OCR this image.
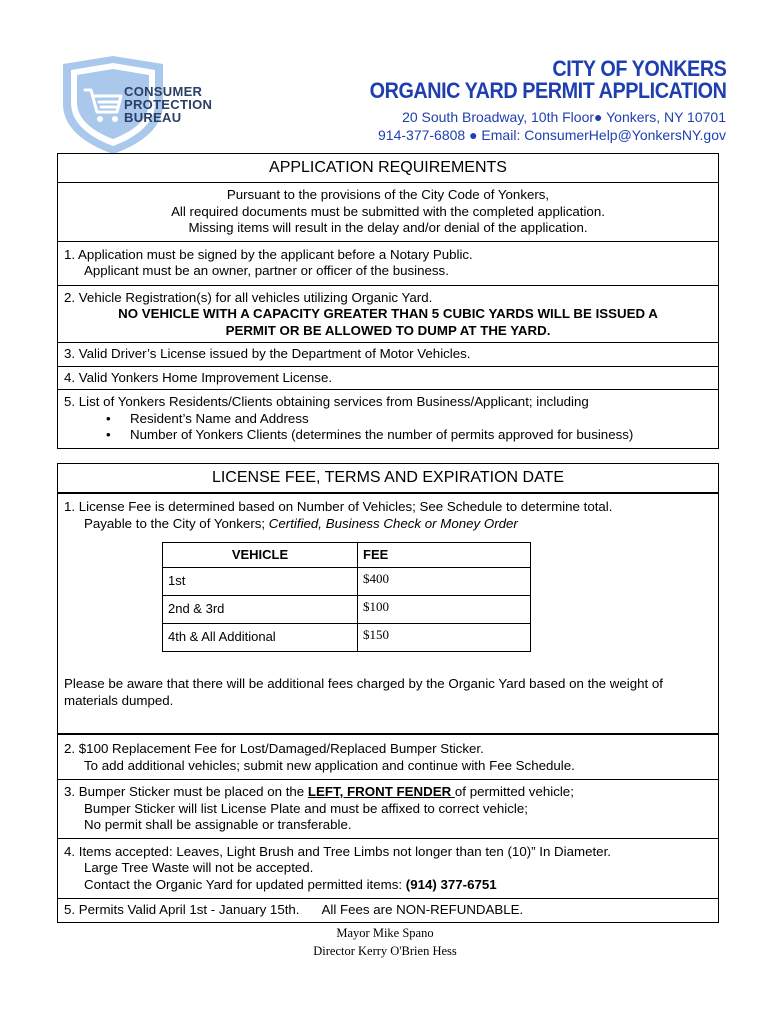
CONSUMER
PROTECTION
BUREAU
CITY OF YONKERS
ORGANIC YARD PERMIT APPLICATION
20 South Broadway, 10th Floor● Yonkers, NY 10701
914-377-6808 ● Email: ConsumerHelp@YonkersNY.gov
APPLICATION REQUIREMENTS
Pursuant to the provisions of the City Code of Yonkers,
All required documents must be submitted with the completed application.
Missing items will result in the delay and/or denial of the application.
1. Application must be signed by the applicant before a Notary Public.
Applicant must be an owner, partner or officer of the business.
2. Vehicle Registration(s) for all vehicles utilizing Organic Yard.
NO VEHICLE WITH A CAPACITY GREATER THAN 5 CUBIC YARDS WILL BE ISSUED A
PERMIT OR BE ALLOWED TO DUMP AT THE YARD.
3. Valid Driver’s License issued by the Department of Motor Vehicles.
4. Valid Yonkers Home Improvement License.
5. List of Yonkers Residents/Clients obtaining services from Business/Applicant; including
• Resident’s Name and Address
• Number of Yonkers Clients (determines the number of permits approved for business)
LICENSE FEE, TERMS AND EXPIRATION DATE
1. License Fee is determined based on Number of Vehicles; See Schedule to determine total.
Payable to the City of Yonkers; Certified, Business Check or Money Order
VEHICLE	FEE
1st	$400
2nd & 3rd	$100
4th & All Additional	$150
Please be aware that there will be additional fees charged by the Organic Yard based on the weight of materials dumped.
2. $100 Replacement Fee for Lost/Damaged/Replaced Bumper Sticker.
To add additional vehicles; submit new application and continue with Fee Schedule.
3. Bumper Sticker must be placed on the LEFT, FRONT FENDER of permitted vehicle;
Bumper Sticker will list License Plate and must be affixed to correct vehicle;
No permit shall be assignable or transferable.
4. Items accepted: Leaves, Light Brush and Tree Limbs not longer than ten (10)” In Diameter.
Large Tree Waste will not be accepted.
Contact the Organic Yard for updated permitted items: (914) 377-6751
5. Permits Valid April 1st - January 15th. All Fees are NON-REFUNDABLE.
Mayor Mike Spano
Director Kerry O'Brien Hess
